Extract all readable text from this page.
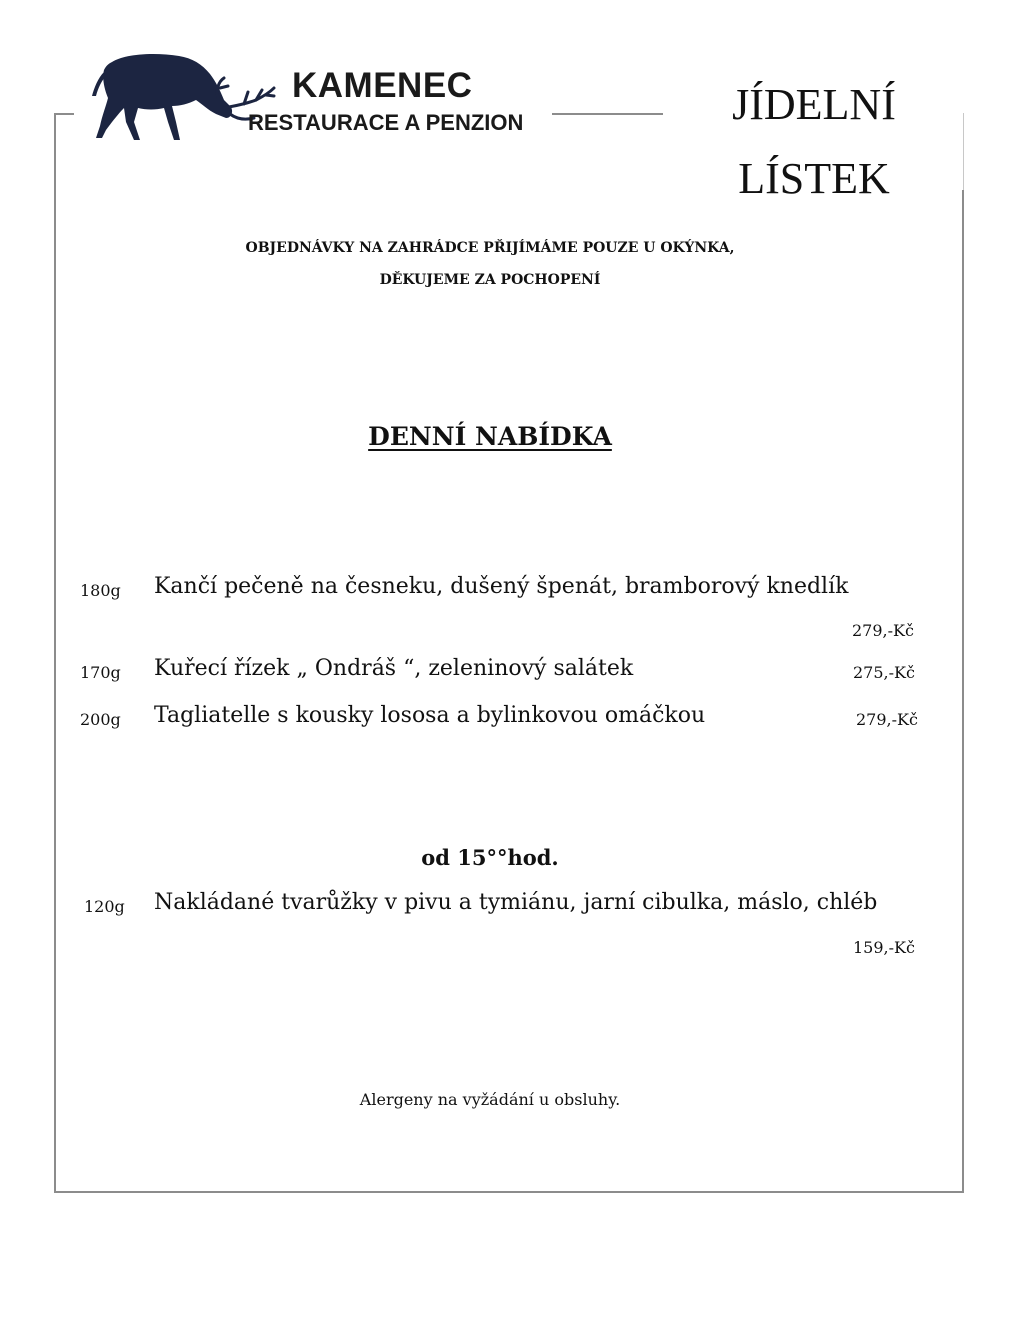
KAMENEC
RESTAURACE A PENZION	JÍDELNÍ
LÍSTEK
OBJEDNÁVKY NA ZAHRÁDCE PŘIJÍMÁME POUZE U OKÝNKA,
DĚKUJEME ZA POCHOPENÍ
DENNÍ NABÍDKA
180g Kančí pečeně na česneku, dušený špenát, bramborový knedlík
279,-Kč
170g Kuřecí řízek „ Ondráš “, zeleninový salátek	275,-Kč
200g Tagliatelle s kousky lososa a bylinkovou omáčkou	279,-Kč
od 15°°hod.
120g Nakládané tvarůžky v pivu a tymiánu, jarní cibulka, máslo, chléb
159,-Kč
Alergeny na vyžádání u obsluhy.
